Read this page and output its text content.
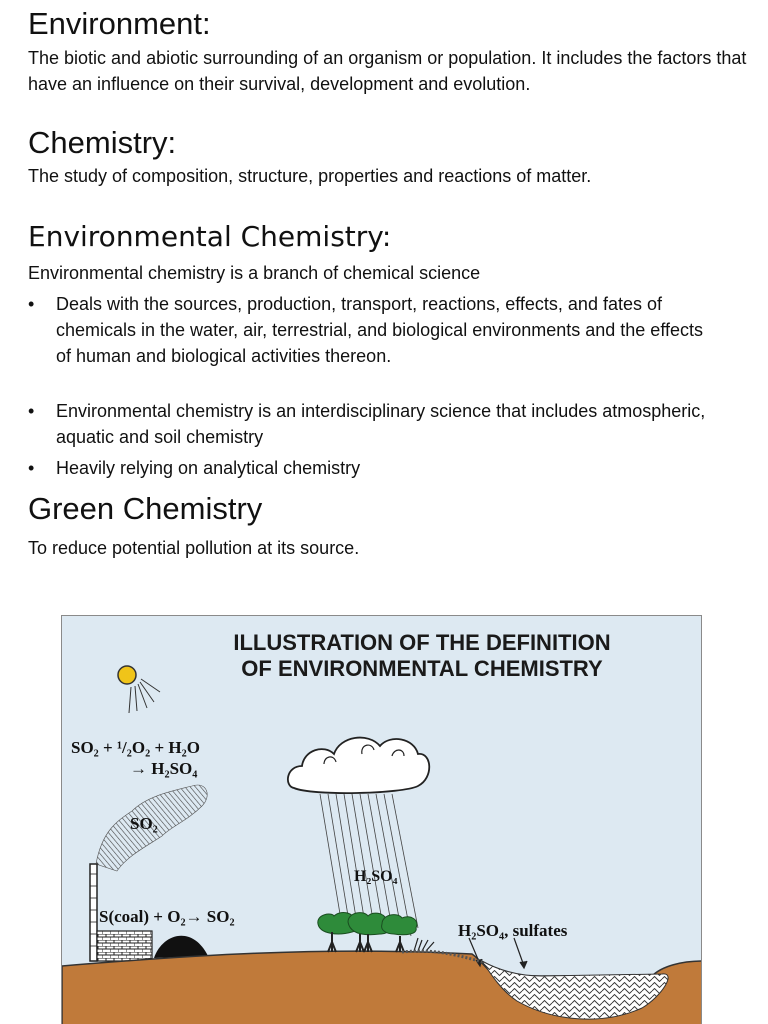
Environment:

The biotic and abiotic surrounding of an organism or population. It includes the factors that have an influence on their survival, development and evolution.

Chemistry:

The study of composition, structure, properties and reactions of matter.

Environmental Chemistry:

Environmental chemistry is a branch of chemical science

• Deals with the sources, production, transport, reactions, effects, and fates of chemicals in the water, air, terrestrial, and biological environments and the effects of human and biological activities thereon.
• Environmental chemistry is an interdisciplinary science that includes atmospheric, aquatic and soil chemistry
• Heavily relying on analytical chemistry
Green Chemistry

To reduce potential pollution at its source.

ILLUSTRATION OF THE DEFINITION
OF ENVIRONMENTAL CHEMISTRY
SO₂ + ¹/₂O₂ + H₂O
→ H₂SO₄
SO₂
H₂SO₄
S(coal) + O₂→ SO₂
H₂SO₄, sulfates
